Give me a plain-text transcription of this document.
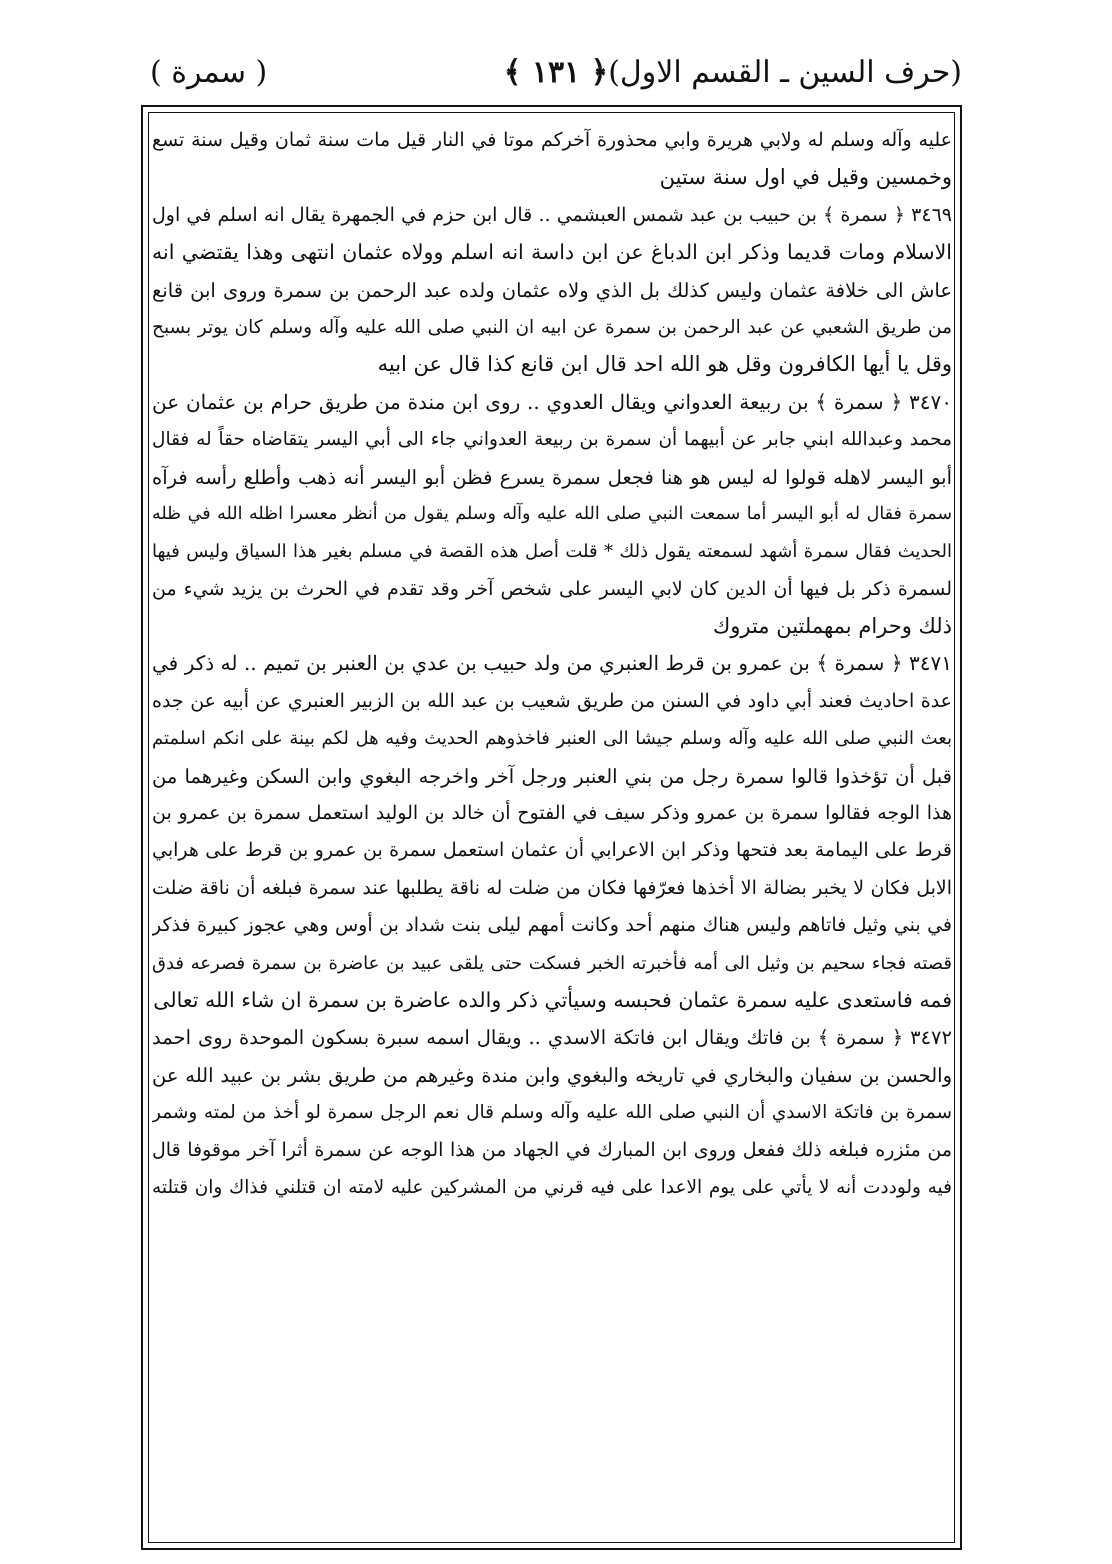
(حرف السين ـ القسم الاول)
﴿ ١٣١ ﴾
( سمرة )
عليه وآله وسلم له ولابي هريرة وابي محذورة آخركم موتا في النار قيل مات سنة ثمان وقيل سنة تسع
وخمسين وقيل في اول سنة ستين
٣٤٦٩ ﴿ سمرة ﴾ بن حبيب بن عبد شمس العبشمي .. قال ابن حزم في الجمهرة يقال انه اسلم في اول
الاسلام ومات قديما وذكر ابن الدباغ عن ابن داسة انه اسلم وولاه عثمان انتهى وهذا يقتضي انه
عاش الى خلافة عثمان وليس كذلك بل الذي ولاه عثمان ولده عبد الرحمن بن سمرة وروى ابن قانع
من طريق الشعبي عن عبد الرحمن بن سمرة عن ابيه ان النبي صلى الله عليه وآله وسلم كان يوتر بسبح
وقل يا أيها الكافرون وقل هو الله احد قال ابن قانع كذا قال عن ابيه
٣٤٧٠ ﴿ سمرة ﴾ بن ربيعة العدواني ويقال العدوي .. روى ابن مندة من طريق حرام بن عثمان عن
محمد وعبدالله ابني جابر عن أبيهما أن سمرة بن ربيعة العدواني جاء الى أبي اليسر يتقاضاه حقاً له فقال
أبو اليسر لاهله قولوا له ليس هو هنا فجعل سمرة يسرع فظن أبو اليسر أنه ذهب وأطلع رأسه فرآه
سمرة فقال له أبو اليسر أما سمعت النبي صلى الله عليه وآله وسلم يقول من أنظر معسرا اظله الله في ظله
الحديث فقال سمرة أشهد لسمعته يقول ذلك * قلت أصل هذه القصة في مسلم بغير هذا السياق وليس فيها
لسمرة ذكر بل فيها أن الدين كان لابي اليسر على شخص آخر وقد تقدم في الحرث بن يزيد شيء من
ذلك وحرام بمهملتين متروك
٣٤٧١ ﴿ سمرة ﴾ بن عمرو بن قرط العنبري من ولد حبيب بن عدي بن العنبر بن تميم .. له ذكر في
عدة احاديث فعند أبي داود في السنن من طريق شعيب بن عبد الله بن الزبير العنبري عن أبيه عن جده
بعث النبي صلى الله عليه وآله وسلم جيشا الى العنبر فاخذوهم الحديث وفيه هل لكم بينة على انكم اسلمتم
قبل أن تؤخذوا قالوا سمرة رجل من بني العنبر ورجل آخر واخرجه البغوي وابن السكن وغيرهما من
هذا الوجه فقالوا سمرة بن عمرو وذكر سيف في الفتوح أن خالد بن الوليد استعمل سمرة بن عمرو بن
قرط على اليمامة بعد فتحها وذكر ابن الاعرابي أن عثمان استعمل سمرة بن عمرو بن قرط على هرابي
الابل فكان لا يخبر بضالة الا أخذها فعرّفها فكان من ضلت له ناقة يطلبها عند سمرة فبلغه أن ناقة ضلت
في بني وثيل فاتاهم وليس هناك منهم أحد وكانت أمهم ليلى بنت شداد بن أوس وهي عجوز كبيرة فذكر
قصته فجاء سحيم بن وثيل الى أمه فأخبرته الخبر فسكت حتى يلقى عبيد بن عاضرة بن سمرة فصرعه فدق
فمه فاستعدى عليه سمرة عثمان فحبسه وسيأتي ذكر والده عاضرة بن سمرة ان شاء الله تعالى
٣٤٧٢ ﴿ سمرة ﴾ بن فاتك ويقال ابن فاتكة الاسدي .. ويقال اسمه سبرة بسكون الموحدة روى احمد
والحسن بن سفيان والبخاري في تاريخه والبغوي وابن مندة وغيرهم من طريق بشر بن عبيد الله عن
سمرة بن فاتكة الاسدي أن النبي صلى الله عليه وآله وسلم قال نعم الرجل سمرة لو أخذ من لمته وشمر
من مئزره فبلغه ذلك ففعل وروى ابن المبارك في الجهاد من هذا الوجه عن سمرة أثرا آخر موقوفا قال
فيه ولوددت أنه لا يأتي على يوم الاعدا على فيه قرني من المشركين عليه لامته ان قتلني فذاك وان قتلته
